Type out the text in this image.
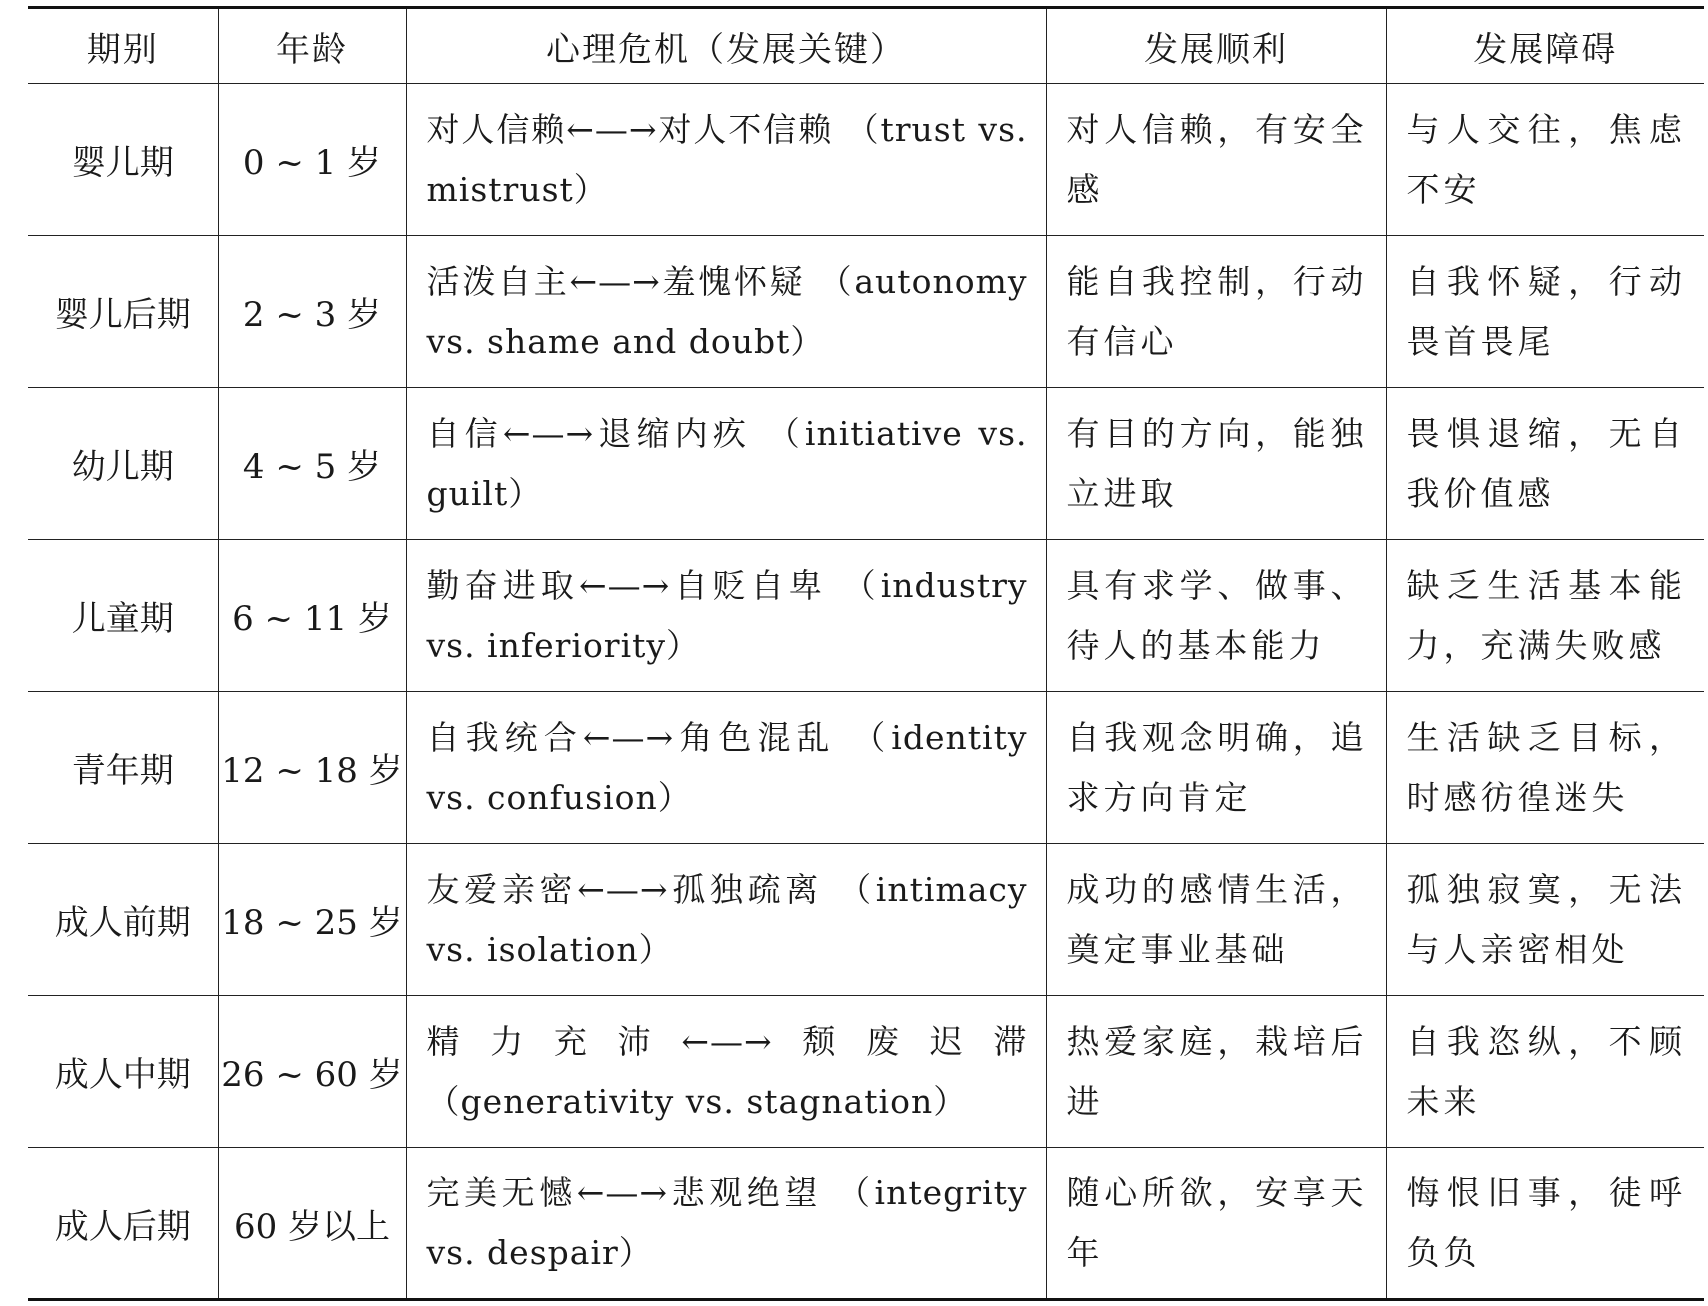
期别	年龄	心理危机（发展关键）	发展顺利	发展障碍
婴儿期	0 ~ 1 岁	对人信赖←—→对人不信赖 （trust vs. mistrust）	对人信赖，有安全感	与人交往，焦虑不安
婴儿后期	2 ~ 3 岁	活泼自主←—→羞愧怀疑 （autonomy vs. shame and doubt）	能自我控制，行动有信心	自我怀疑，行动畏首畏尾
幼儿期	4 ~ 5 岁	自信←—→退缩内疚 （initiative vs. guilt）	有目的方向，能独立进取	畏惧退缩，无自我价值感
儿童期	6 ~ 11 岁	勤奋进取←—→自贬自卑 （industry vs. inferiority）	具有求学、做事、待人的基本能力	缺乏生活基本能力，充满失败感
青年期	12 ~ 18 岁	自我统合←—→角色混乱 （identity vs. confusion）	自我观念明确，追求方向肯定	生活缺乏目标，时感彷徨迷失
成人前期	18 ~ 25 岁	友爱亲密←—→孤独疏离 （intimacy vs. isolation）	成功的感情生活，奠定事业基础	孤独寂寞，无法与人亲密相处
成人中期	26 ~ 60 岁	精力充沛←—→颓废迟滞 （generativity vs. stagnation）	热爱家庭，栽培后进	自我恣纵，不顾未来
成人后期	60 岁以上	完美无憾←—→悲观绝望 （integrity vs. despair）	随心所欲，安享天年	悔恨旧事，徒呼负负
